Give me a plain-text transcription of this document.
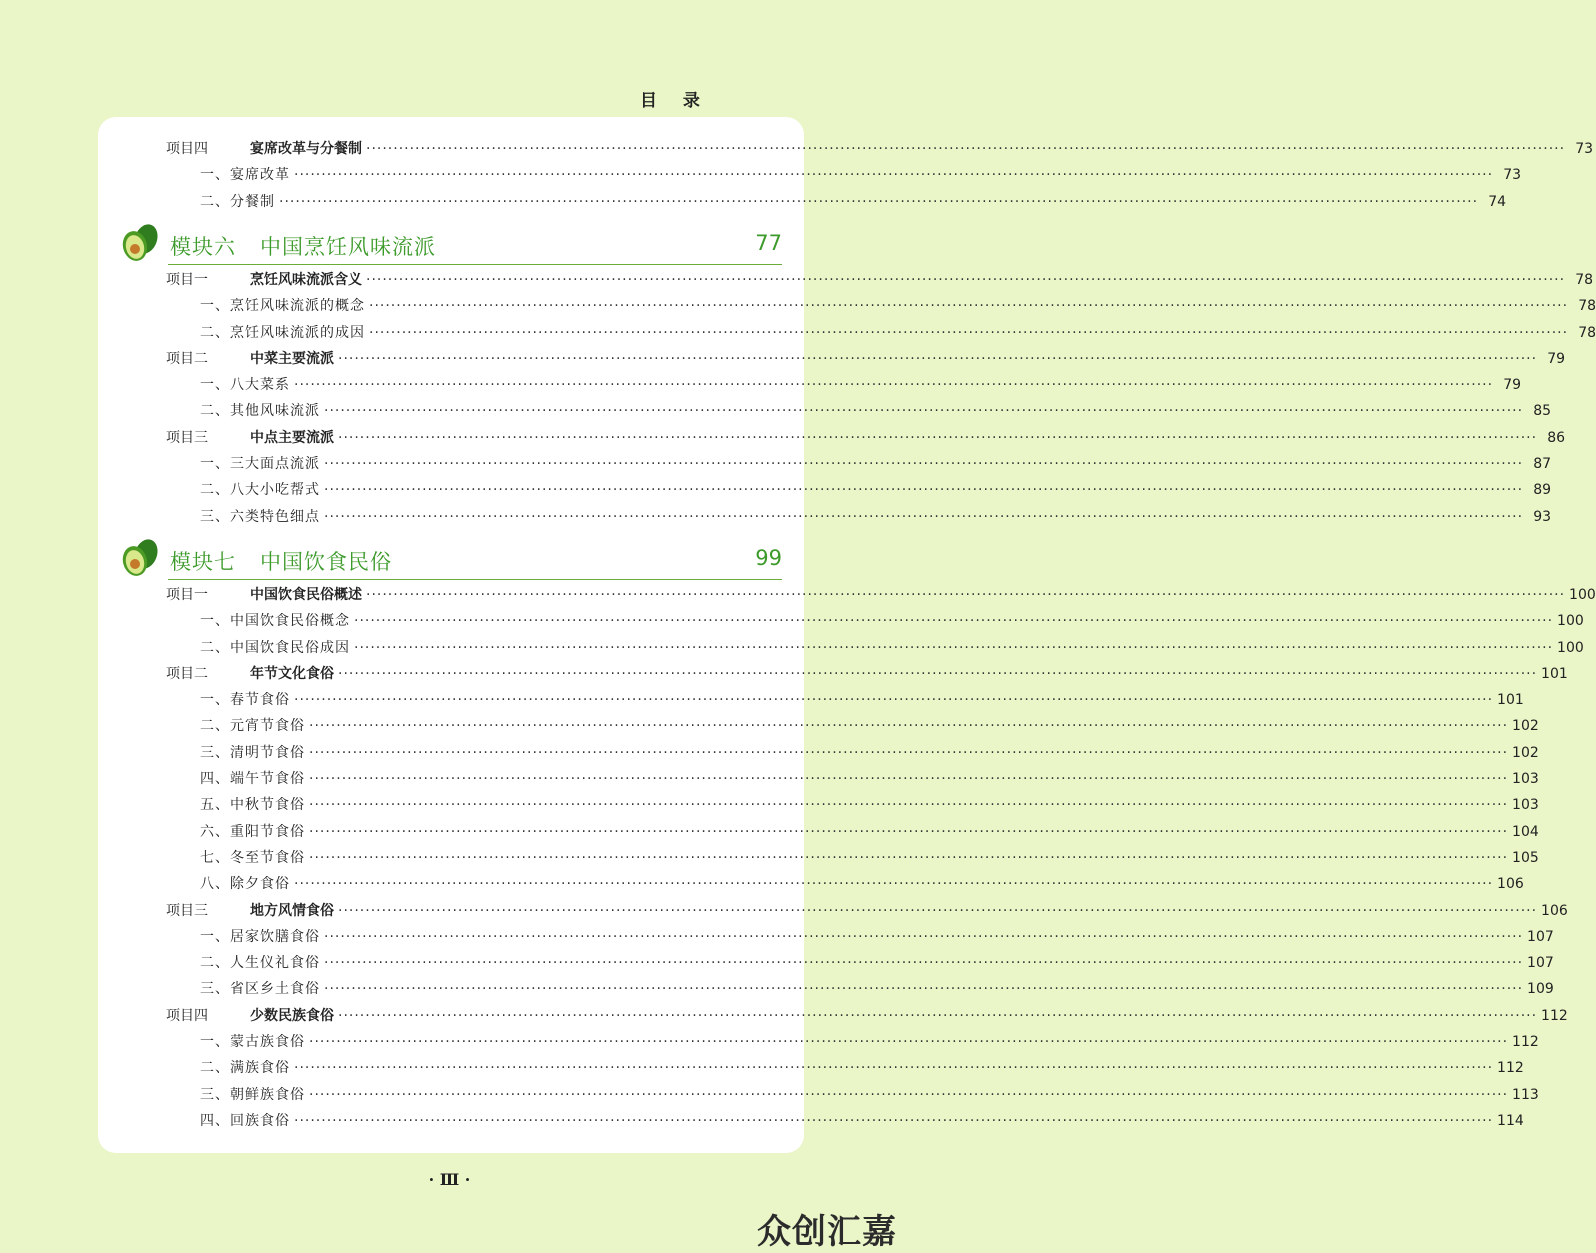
目 录
项目四	宴席改革与分餐制 ···························································································································································································································· 73
一、宴席改革 ···························································································································································································································· 73
二、分餐制 ···························································································································································································································· 74
模块六 中国烹饪风味流派	77
项目一	烹饪风味流派含义 ···························································································································································································································· 78
一、烹饪风味流派的概念 ···························································································································································································································· 78
二、烹饪风味流派的成因 ···························································································································································································································· 78
项目二	中菜主要流派 ···························································································································································································································· 79
一、八大菜系 ···························································································································································································································· 79
二、其他风味流派 ···························································································································································································································· 85
项目三	中点主要流派 ···························································································································································································································· 86
一、三大面点流派 ···························································································································································································································· 87
二、八大小吃帮式 ···························································································································································································································· 89
三、六类特色细点 ···························································································································································································································· 93
模块七 中国饮食民俗	99
项目一	中国饮食民俗概述 ···························································································································································································································· 100
一、中国饮食民俗概念 ···························································································································································································································· 100
二、中国饮食民俗成因 ···························································································································································································································· 100
项目二	年节文化食俗 ···························································································································································································································· 101
一、春节食俗 ···························································································································································································································· 101
二、元宵节食俗 ···························································································································································································································· 102
三、清明节食俗 ···························································································································································································································· 102
四、端午节食俗 ···························································································································································································································· 103
五、中秋节食俗 ···························································································································································································································· 103
六、重阳节食俗 ···························································································································································································································· 104
七、冬至节食俗 ···························································································································································································································· 105
八、除夕食俗 ···························································································································································································································· 106
项目三	地方风情食俗 ···························································································································································································································· 106
一、居家饮膳食俗 ···························································································································································································································· 107
二、人生仪礼食俗 ···························································································································································································································· 107
三、省区乡土食俗 ···························································································································································································································· 109
项目四	少数民族食俗 ···························································································································································································································· 112
一、蒙古族食俗 ···························································································································································································································· 112
二、满族食俗 ···························································································································································································································· 112
三、朝鲜族食俗 ···························································································································································································································· 113
四、回族食俗 ···························································································································································································································· 114
· Ⅲ ·
众创汇嘉
